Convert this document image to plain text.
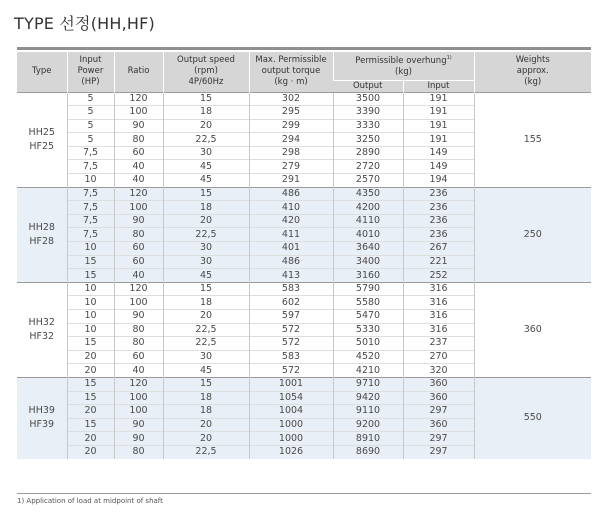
TYPE 선정(HH,HF)
Type	Input
Power
(HP)	Ratio	Output speed
(rpm)
4P/60Hz	Max. Permissible
output torque
(kg · m)	Permissible overhung$^{1)}$
(kg)		Weights
approx.
(kg)
					Output	Input	
HH25
HF25	5	120	15	302	3500	191	155
	5	100	18	295	3390	191	
	5	90	20	299	3330	191	
	5	80	22,5	294	3250	191	
	7,5	60	30	298	2890	149	
	7,5	40	45	279	2720	149	
	10	40	45	291	2570	194	
HH28
HF28	7,5	120	15	486	4350	236	250
	7,5	100	18	410	4200	236	
	7,5	90	20	420	4110	236	
	7,5	80	22,5	411	4010	236	
	10	60	30	401	3640	267	
	15	60	30	486	3400	221	
	15	40	45	413	3160	252	
HH32
HF32	10	120	15	583	5790	316	360
	10	100	18	602	5580	316	
	10	90	20	597	5470	316	
	10	80	22,5	572	5330	316	
	15	80	22,5	572	5010	237	
	20	60	30	583	4520	270	
	20	40	45	572	4210	320	
HH39
HF39	15	120	15	1001	9710	360	550
	15	100	18	1054	9420	360	
	20	100	18	1004	9110	297	
	15	90	20	1000	9200	360	
	20	90	20	1000	8910	297	
	20	80	22,5	1026	8690	297	
1) Application of load at midpoint of shaft
